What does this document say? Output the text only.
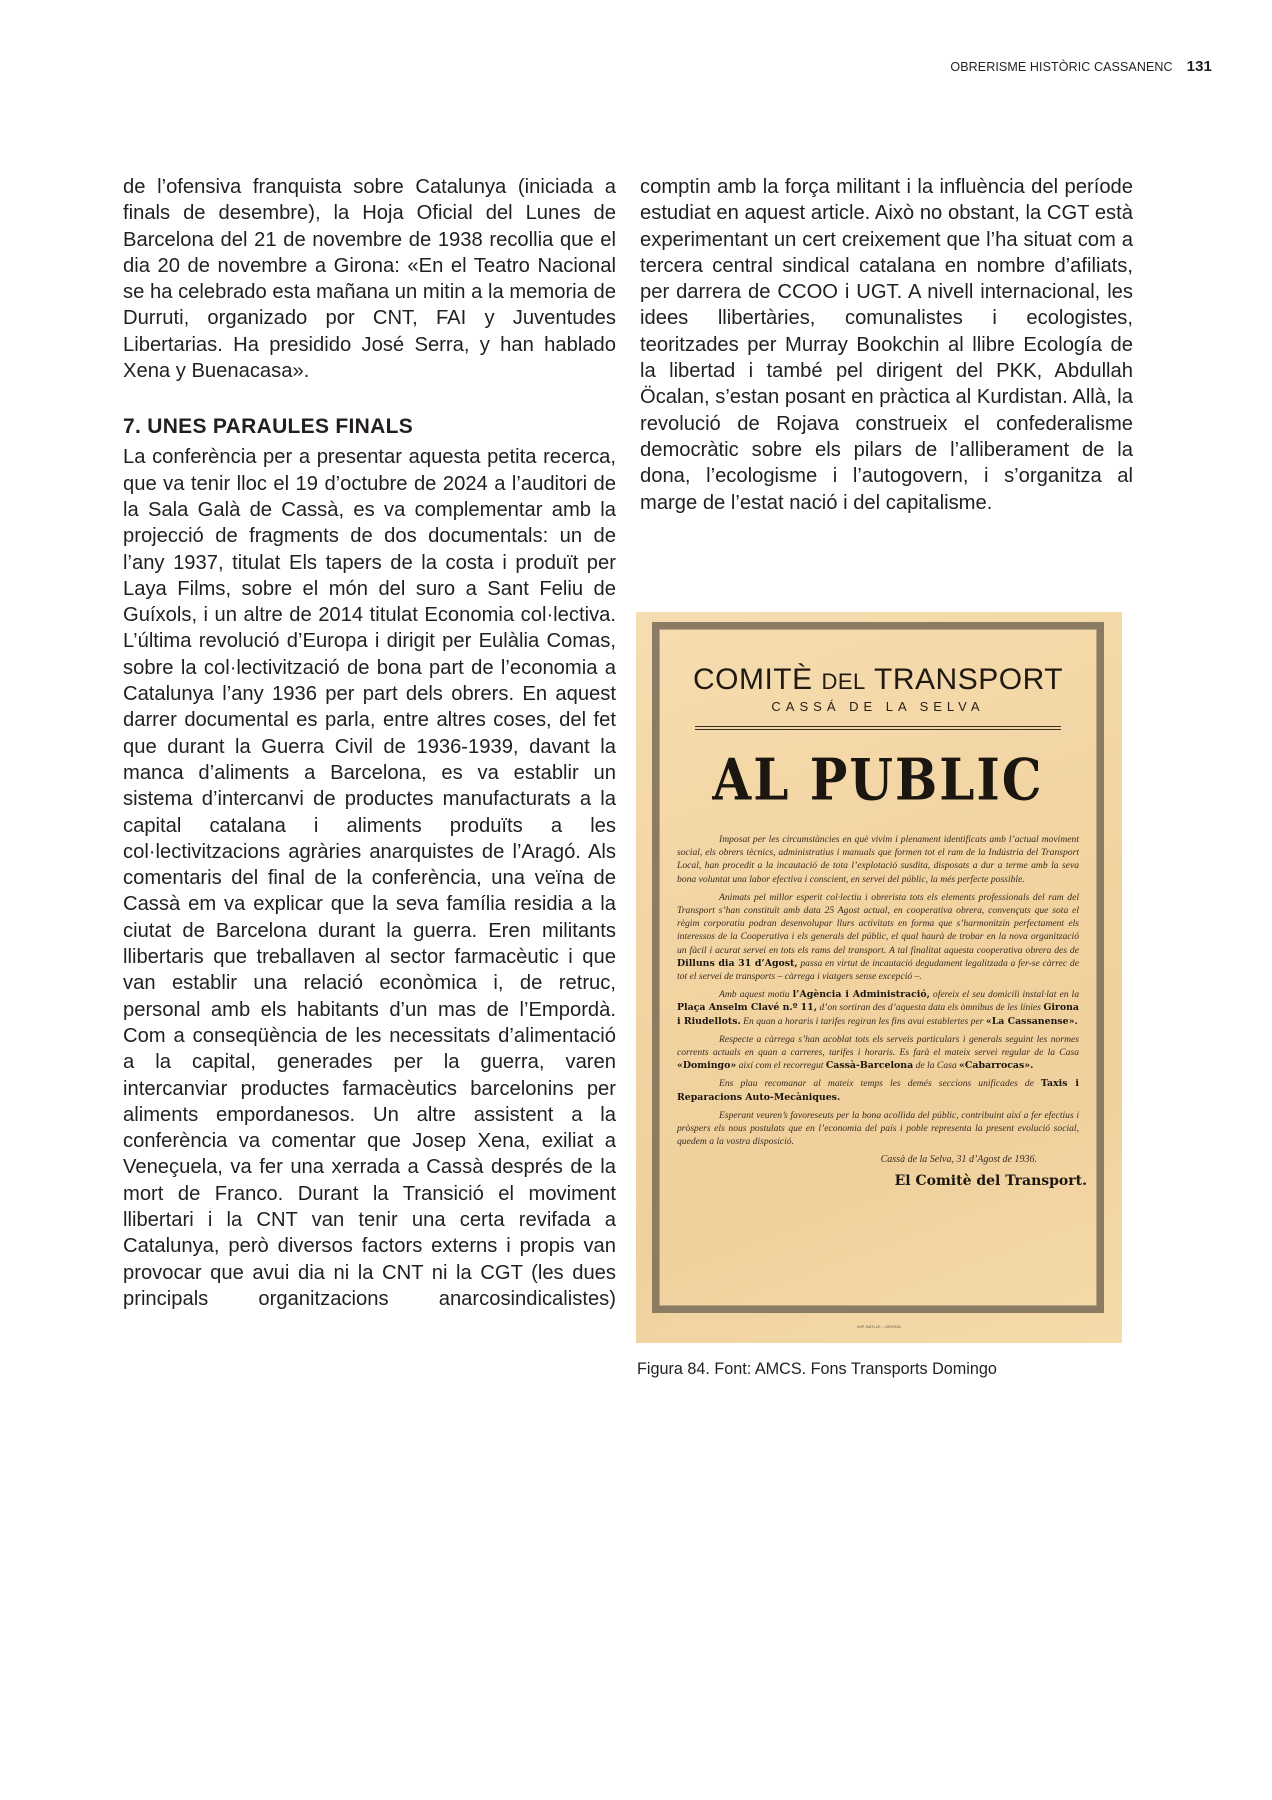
OBRERISME HISTÒRIC CASSANENC 131

de l’ofensiva franquista sobre Catalunya (iniciada a finals de desembre), la Hoja Oficial del Lunes de Barcelona del 21 de novembre de 1938 recollia que el dia 20 de novembre a Girona: «En el Teatro Nacional se ha celebrado esta mañana un mitin a la memoria de Durruti, organizado por CNT, FAI y Juventudes Libertarias. Ha presidido José Serra, y han hablado Xena y Buenacasa».

7. UNES PARAULES FINALS

La conferència per a presentar aquesta petita recerca, que va tenir lloc el 19 d’octubre de 2024 a l’auditori de la Sala Galà de Cassà, es va complementar amb la projecció de fragments de dos documentals: un de l’any 1937, titulat Els tapers de la costa i produït per Laya Films, sobre el món del suro a Sant Feliu de Guíxols, i un altre de 2014 titulat Economia col·lectiva. L’última revolució d’Europa i dirigit per Eulàlia Comas, sobre la col·lectivització de bona part de l’economia a Catalunya l’any 1936 per part dels obrers. En aquest darrer documental es parla, entre altres coses, del fet que durant la Guerra Civil de 1936-1939, davant la manca d’aliments a Barcelona, es va establir un sistema d’intercanvi de productes manufacturats a la capital catalana i aliments produïts a les col·lectivitzacions agràries anarquistes de l’Aragó. Als comentaris del final de la conferència, una veïna de Cassà em va explicar que la seva família residia a la ciutat de Barcelona durant la guerra. Eren militants llibertaris que treballaven al sector farmacèutic i que van establir una relació econòmica i, de retruc, personal amb els habitants d’un mas de l’Empordà. Com a conseqüència de les necessitats d’alimentació a la capital, generades per la guerra, varen intercanviar productes farmacèutics barcelonins per aliments empordanesos. Un altre assistent a la conferència va comentar que Josep Xena, exiliat a Veneçuela, va fer una xerrada a Cassà després de la mort de Franco. Durant la Transició el moviment llibertari i la CNT van tenir una certa revifada a Catalunya, però diversos factors externs i propis van provocar que avui dia ni la CNT ni la CGT (les dues principals organitzacions anarcosindicalistes)

comptin amb la força militant i la influència del període estudiat en aquest article. Això no obstant, la CGT està experimentant un cert creixement que l’ha situat com a tercera central sindical catalana en nombre d’afiliats, per darrera de CCOO i UGT. A nivell internacional, les idees llibertàries, comunalistes i ecologistes, teoritzades per Murray Bookchin al llibre Ecología de la libertad i també pel dirigent del PKK, Abdullah Öcalan, s’estan posant en pràctica al Kurdistan. Allà, la revolució de Rojava construeix el confederalisme democràtic sobre els pilars de l’alliberament de la dona, l’ecologisme i l’autogovern, i s’organitza al marge de l’estat nació i del capitalisme.

COMITÈ DEL TRANSPORT
CASSÁ DE LA SELVA
AL PUBLIC

Imposat per les circumstàncies en què vivim i plenament identificats amb l’actual moviment social, els obrers tècnics, administratius i manuals que formen tot el ram de la Indústria del Transport Local, han procedit a la incautació de tota l’explotació susdita, disposats a dur a terme amb la seva bona voluntat una labor efectiva i conscient, en servei del públic, la més perfecte possible.

Animats pel millor esperit col·lectiu i obrerista tots els elements professionals del ram del Transport s’han constituït amb data 25 Agost actual, en cooperativa obrera, convençuts que sota el règim corporatiu podran desenvolupar llurs activitats en forma que s’harmonitzin perfectament els interessos de la Cooperativa i els generals del públic, el qual haurà de trobar en la nova organització un fàcil i acurat servei en tots els rams del transport. A tal finalitat aquesta cooperativa obrera des de Dilluns dia 31 d’Agost, passa en virtut de incautació degudament legalitzada a fer-se càrrec de tot el servei de transports – càrrega i viatgers sense excepció –.

Amb aquest motiu l’Agència i Administració, ofereix el seu domicili instal·lat en la Plaça Anselm Clavé n.º 11, d’on sortiran des d’aquesta data els òmnibus de les línies Girona i Riudellots. En quan a horaris i tarifes regiran les fins avui establertes per «La Cassanense».

Respecte a càrrega s’han acoblat tots els serveis particulars i generals seguint les normes corrents actuals en quan a carreres, tarifes i horaris. Es farà el mateix servei regular de la Casa «Domingo» així com el recorregut Cassà-Barcelona de la Casa «Cabarrocas».

Ens plau recomanar al mateix temps les demés seccions unificades de Taxis i Reparacions Auto-Mecàniques.

Esperant veuren’s favoreseuts per la bona acollida del públic, contribuint així a fer efectius i pròspers els nous postulats que en l’economia del país i poble representa la present evolució social, quedem a la vostra disposició.

Cassà de la Selva, 31 d’Agost de 1936.
El Comitè del Transport.
IMP. BATLLE – GIRONA
Figura 84. Font: AMCS. Fons Transports Domingo
